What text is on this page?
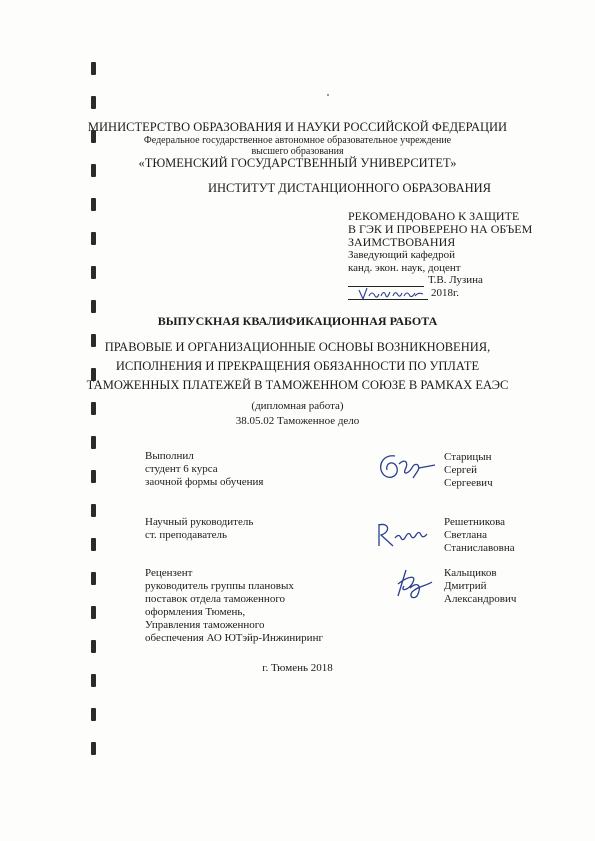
МИНИСТЕРСТВО ОБРАЗОВАНИЯ И НАУКИ РОССИЙСКОЙ ФЕДЕРАЦИИ
Федеральное государственное автономное образовательное учреждение
высшего образования
«ТЮМЕНСКИЙ ГОСУДАРСТВЕННЫЙ УНИВЕРСИТЕТ»
ИНСТИТУТ ДИСТАНЦИОННОГО ОБРАЗОВАНИЯ
РЕКОМЕНДОВАНО К ЗАЩИТЕ
В ГЭК И ПРОВЕРЕНО НА ОБЪЕМ
ЗАИМСТВОВАНИЯ
Заведующий кафедрой
канд. экон. наук, доцент
Т.В. Лузина
2018г.
ВЫПУСКНАЯ КВАЛИФИКАЦИОННАЯ РАБОТА
ПРАВОВЫЕ И ОРГАНИЗАЦИОННЫЕ ОСНОВЫ ВОЗНИКНОВЕНИЯ,
ИСПОЛНЕНИЯ И ПРЕКРАЩЕНИЯ ОБЯЗАННОСТИ ПО УПЛАТЕ
ТАМОЖЕННЫХ ПЛАТЕЖЕЙ В ТАМОЖЕННОМ СОЮЗЕ В РАМКАХ ЕАЭС
(дипломная работа)
38.05.02 Таможенное дело
Выполнил
студент 6 курса
заочной формы обучения
Старицын
Сергей
Сергеевич
Научный руководитель
ст. преподаватель
Решетникова
Светлана
Станиславовна
Рецензент
руководитель группы плановых
поставок отдела таможенного
оформления Тюмень,
Управления таможенного
обеспечения АО ЮТэйр-Инжиниринг
Кальщиков
Дмитрий
Александрович
г. Тюмень 2018
